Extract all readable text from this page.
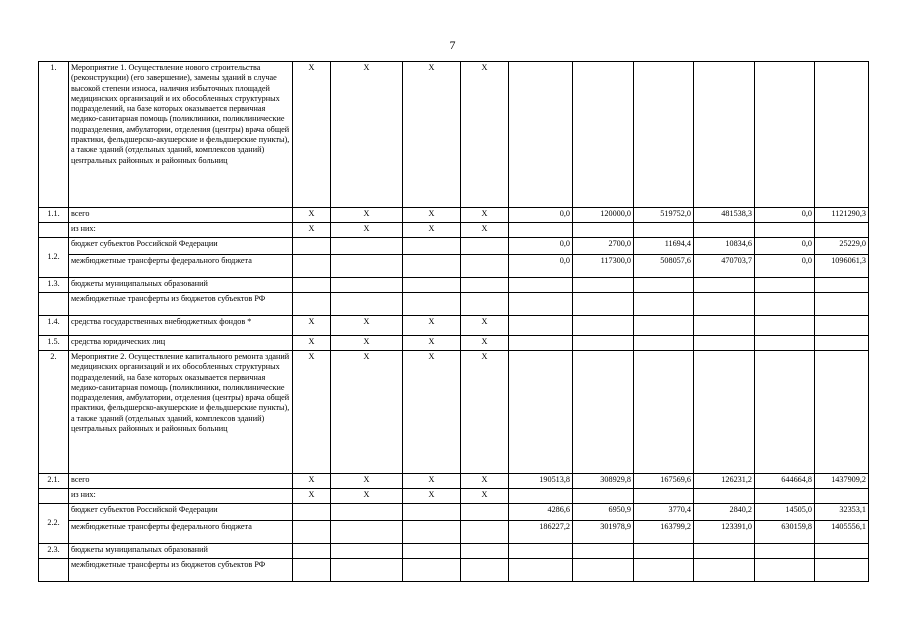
7
1.	Мероприятие 1. Осуществление нового строительства (реконструкции) (его завершение), замены зданий в случае высокой степени износа, наличия избыточных площадей медицинских организаций и их обособленных структурных подразделений, на базе которых оказывается первичная медико-санитарная помощь (поликлиники, поликлинические подразделения, амбулатории, отделения (центры) врача общей практики, фельдшерско-акушерские и фельдшерские пункты), а также зданий (отдельных зданий, комплексов зданий) центральных районных и районных больниц	Х	Х	Х	Х						
1.1.	всего	Х	Х	Х	Х	0,0	120000,0	519752,0	481538,3	0,0	1121290,3
	из них:	Х	Х	Х	Х						
1.2.	бюджет субъектов Российской Федерации					0,0	2700,0	11694,4	10834,6	0,0	25229,0
	межбюджетные трансферты федерального бюджета					0,0	117300,0	508057,6	470703,7	0,0	1096061,3
1.3.	бюджеты муниципальных образований										
	межбюджетные трансферты из бюджетов субъектов РФ										
1.4.	средства государственных внебюджетных фондов *	Х	Х	Х	Х						
1.5.	средства юридических лиц	Х	Х	Х	Х						
2.	Мероприятие 2. Осуществление капитального ремонта зданий медицинских организаций и их обособленных структурных подразделений, на базе которых оказывается первичная медико-санитарная помощь (поликлиники, поликлинические подразделения, амбулатории, отделения (центры) врача общей практики, фельдшерско-акушерские и фельдшерские пункты), а также зданий (отдельных зданий, комплексов зданий) центральных районных и районных больниц	Х	Х	Х	Х						
2.1.	всего	Х	Х	Х	Х	190513,8	308929,8	167569,6	126231,2	644664,8	1437909,2
	из них:	Х	Х	Х	Х						
2.2.	бюджет субъектов Российской Федерации					4286,6	6950,9	3770,4	2840,2	14505,0	32353,1
	межбюджетные трансферты федерального бюджета					186227,2	301978,9	163799,2	123391,0	630159,8	1405556,1
2.3.	бюджеты муниципальных образований										
	межбюджетные трансферты из бюджетов субъектов РФ										
